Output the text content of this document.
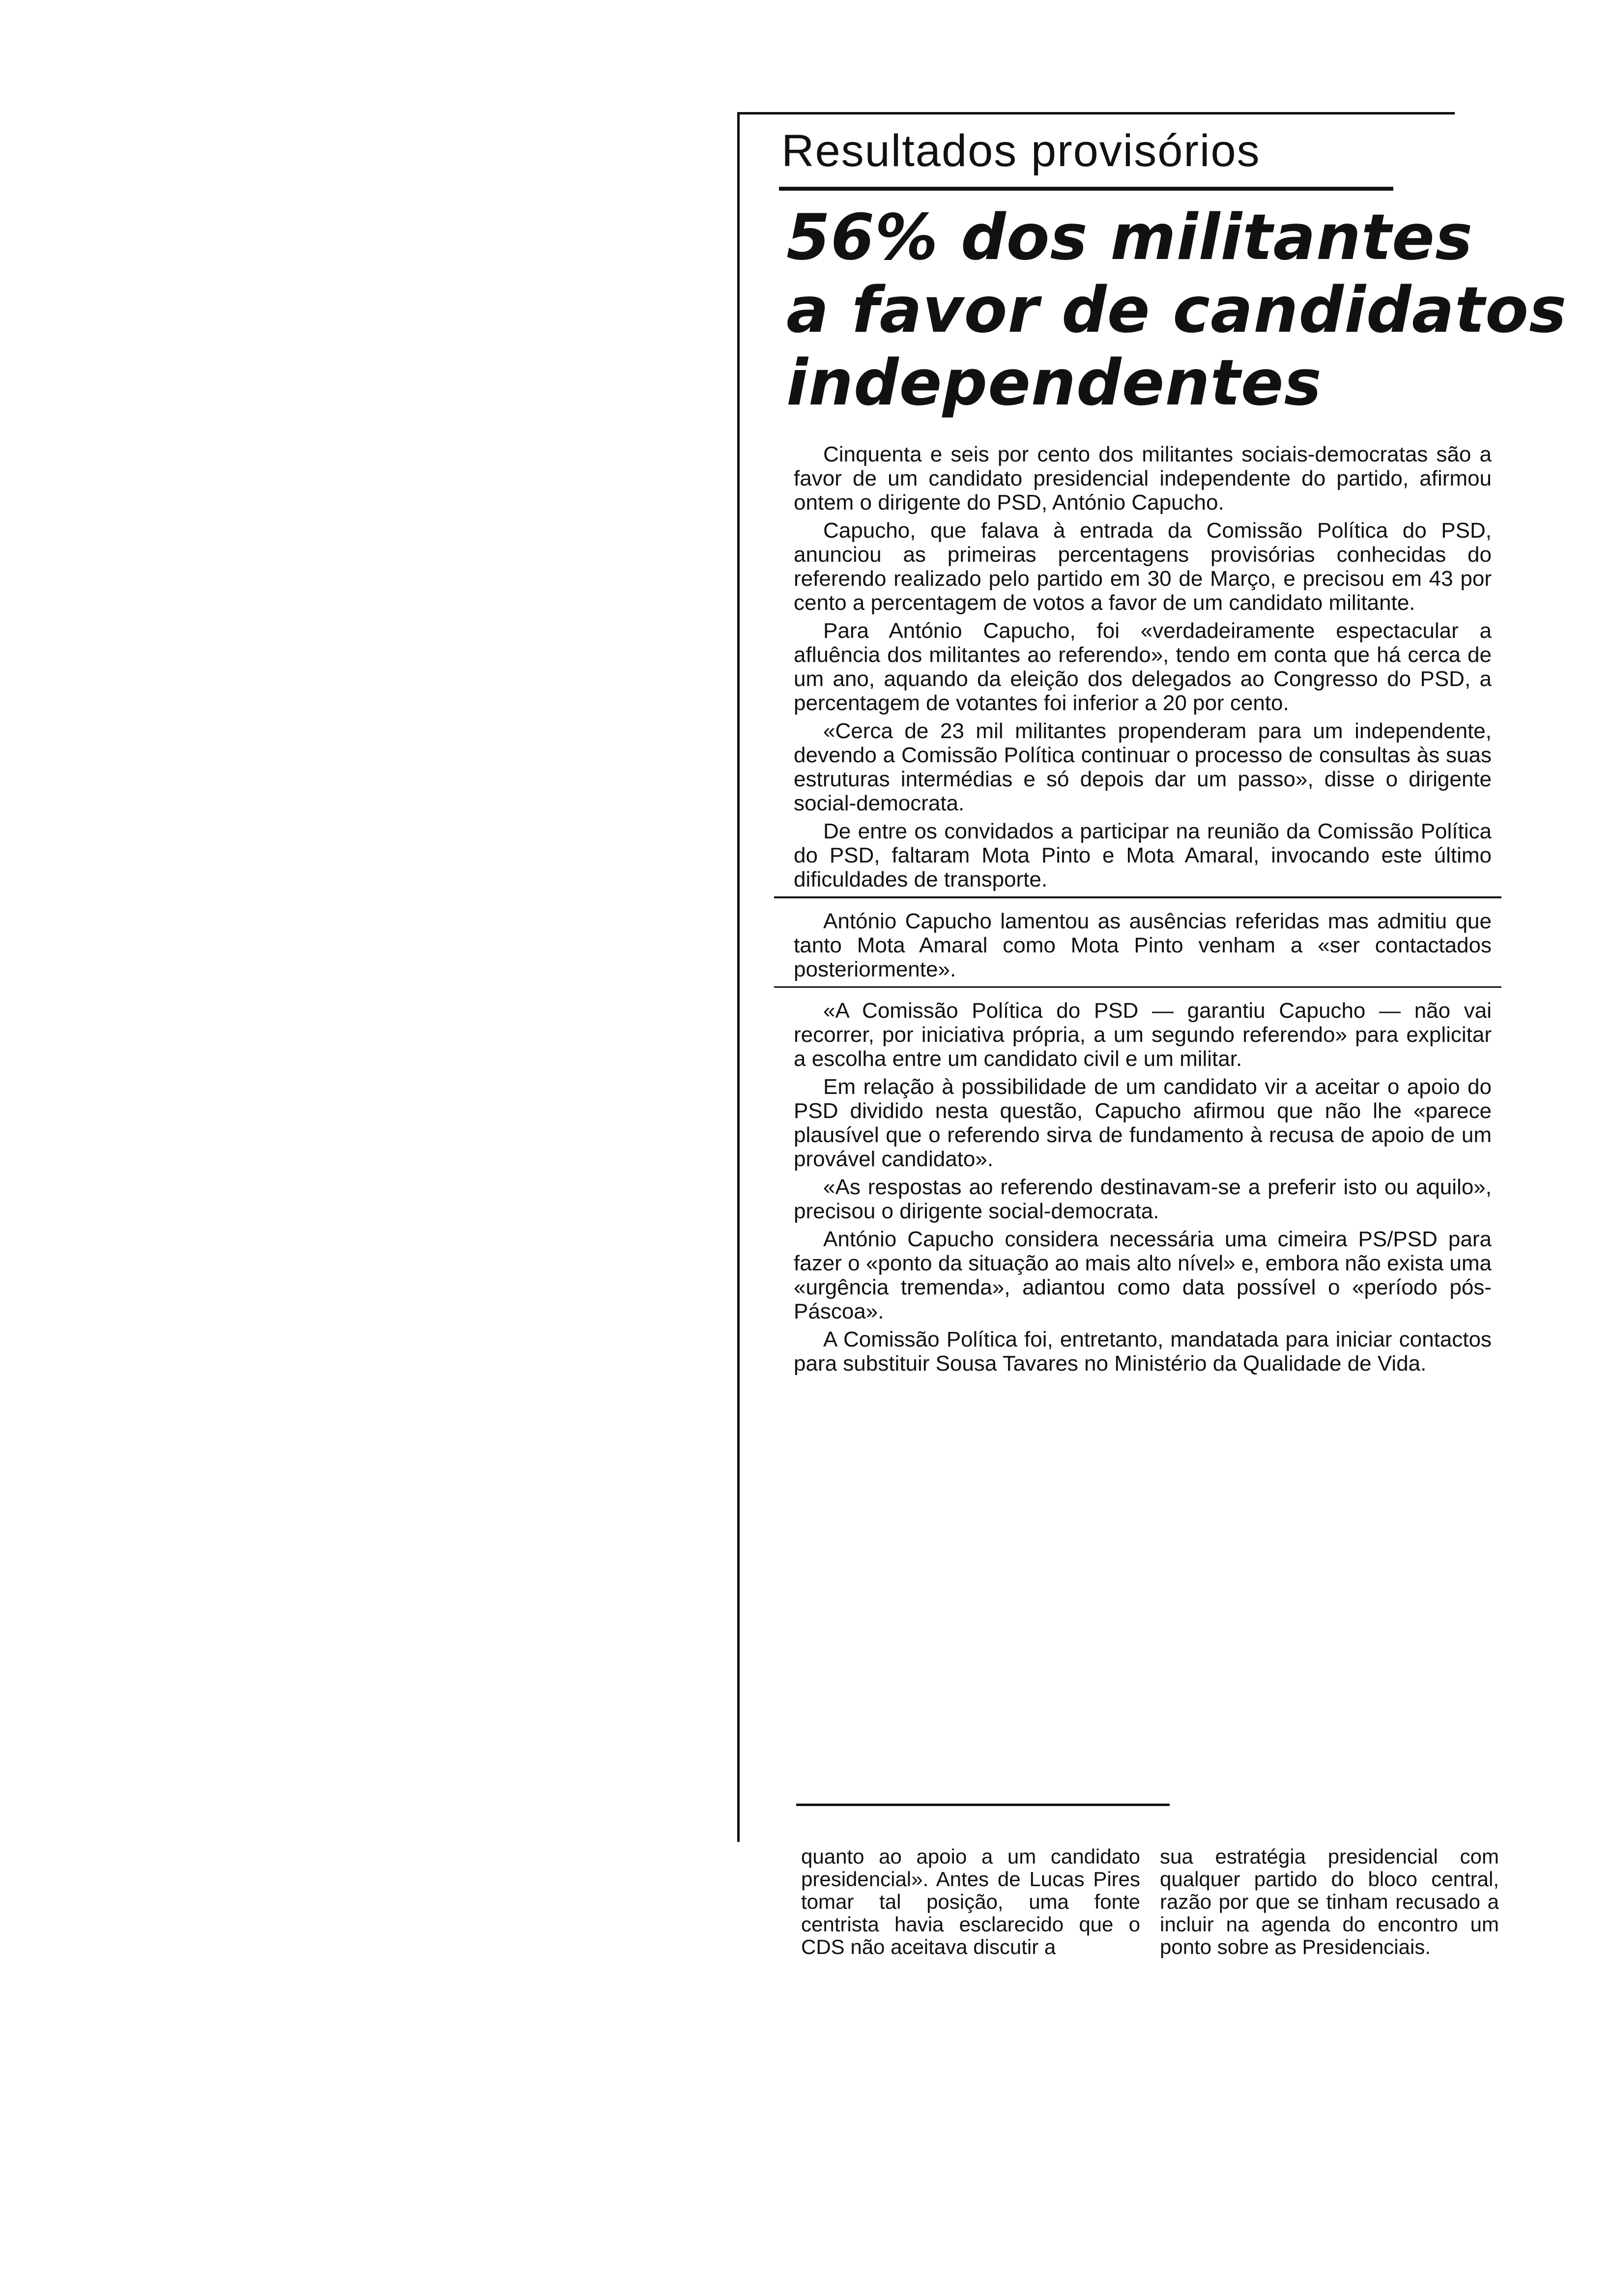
Resultados provisórios
56% dos militantes
a favor de candidatos
independentes

Cinquenta e seis por cento dos militantes sociais-democratas são a favor de um candidato presidencial independente do partido, afirmou ontem o dirigente do PSD, António Capucho.

Capucho, que falava à entrada da Comissão Política do PSD, anunciou as primeiras percentagens provisórias conhecidas do referendo realizado pelo partido em 30 de Março, e precisou em 43 por cento a percentagem de votos a favor de um candidato militante.

Para António Capucho, foi «verdadeiramente espectacular a afluência dos militantes ao referendo», tendo em conta que há cerca de um ano, aquando da eleição dos delegados ao Congresso do PSD, a percentagem de votantes foi inferior a 20 por cento.

«Cerca de 23 mil militantes propenderam para um independente, devendo a Comissão Política continuar o processo de consultas às suas estruturas intermédias e só depois dar um passo», disse o dirigente social-democrata.

De entre os convidados a participar na reunião da Comissão Política do PSD, faltaram Mota Pinto e Mota Amaral, invocando este último dificuldades de transporte.

António Capucho lamentou as ausências referidas mas admitiu que tanto Mota Amaral como Mota Pinto venham a «ser contactados posteriormente».

«A Comissão Política do PSD — garantiu Capucho — não vai recorrer, por iniciativa própria, a um segundo referendo» para explicitar a escolha entre um candidato civil e um militar.

Em relação à possibilidade de um candidato vir a aceitar o apoio do PSD dividido nesta questão, Capucho afirmou que não lhe «parece plausível que o referendo sirva de fundamento à recusa de apoio de um provável candidato».

«As respostas ao referendo destinavam-se a preferir isto ou aquilo», precisou o dirigente social-democrata.

António Capucho considera necessária uma cimeira PS/PSD para fazer o «ponto da situação ao mais alto nível» e, embora não exista uma «urgência tremenda», adiantou como data possível o «período pós-Páscoa».

A Comissão Política foi, entretanto, mandatada para iniciar contactos para substituir Sousa Tavares no Ministério da Qualidade de Vida.

quanto ao apoio a um candidato presidencial». Antes de Lucas Pires tomar tal posição, uma fonte centrista havia esclarecido que o CDS não aceitava discutir a
sua estratégia presidencial com qualquer partido do bloco central, razão por que se tinham recusado a incluir na agenda do encontro um ponto sobre as Presidenciais.
